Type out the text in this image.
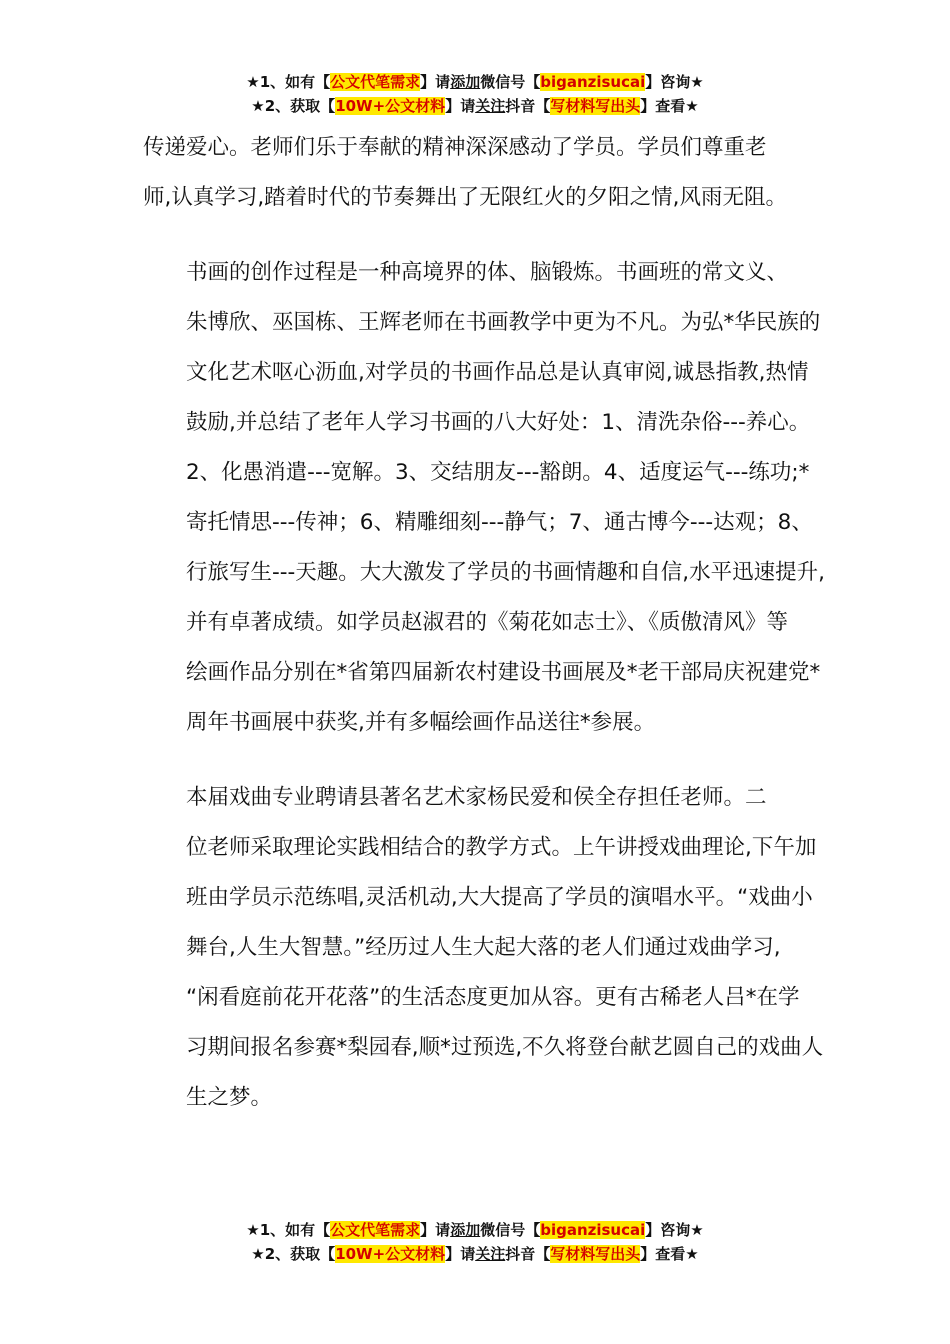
★1、如有【公文代笔需求】请添加微信号【biganzisucai】咨询★
★2、获取【10W+公文材料】请关注抖音【写材料写出头】查看★
传递爱心。老师们乐于奉献的精神深深感动了学员。学员们尊重老
师,认真学习,踏着时代的节奏舞出了无限红火的夕阳之情,风雨无阻。
书画的创作过程是一种高境界的体、脑锻炼。书画班的常文义、
朱博欣、巫国栋、王辉老师在书画教学中更为不凡。为弘*华民族的
文化艺术呕心沥血,对学员的书画作品总是认真审阅,诚恳指教,热情
鼓励,并总结了老年人学习书画的八大好处：1、清洗杂俗---养心。
2、化愚消遣---宽解。3、交结朋友---豁朗。4、适度运气---练功;*
寄托情思---传神；6、精雕细刻---静气；7、通古博今---达观；8、
行旅写生---天趣。大大激发了学员的书画情趣和自信,水平迅速提升,
并有卓著成绩。如学员赵淑君的《菊花如志士》、《质傲清风》等
绘画作品分别在*省第四届新农村建设书画展及*老干部局庆祝建党*
周年书画展中获奖,并有多幅绘画作品送往*参展。
本届戏曲专业聘请县著名艺术家杨民爱和侯全存担任老师。二
位老师采取理论实践相结合的教学方式。上午讲授戏曲理论,下午加
班由学员示范练唱,灵活机动,大大提高了学员的演唱水平。“戏曲小
舞台,人生大智慧。”经历过人生大起大落的老人们通过戏曲学习,
“闲看庭前花开花落”的生活态度更加从容。更有古稀老人吕*在学
习期间报名参赛*梨园春,顺*过预选,不久将登台献艺圆自己的戏曲人
生之梦。
★1、如有【公文代笔需求】请添加微信号【biganzisucai】咨询★
★2、获取【10W+公文材料】请关注抖音【写材料写出头】查看★
